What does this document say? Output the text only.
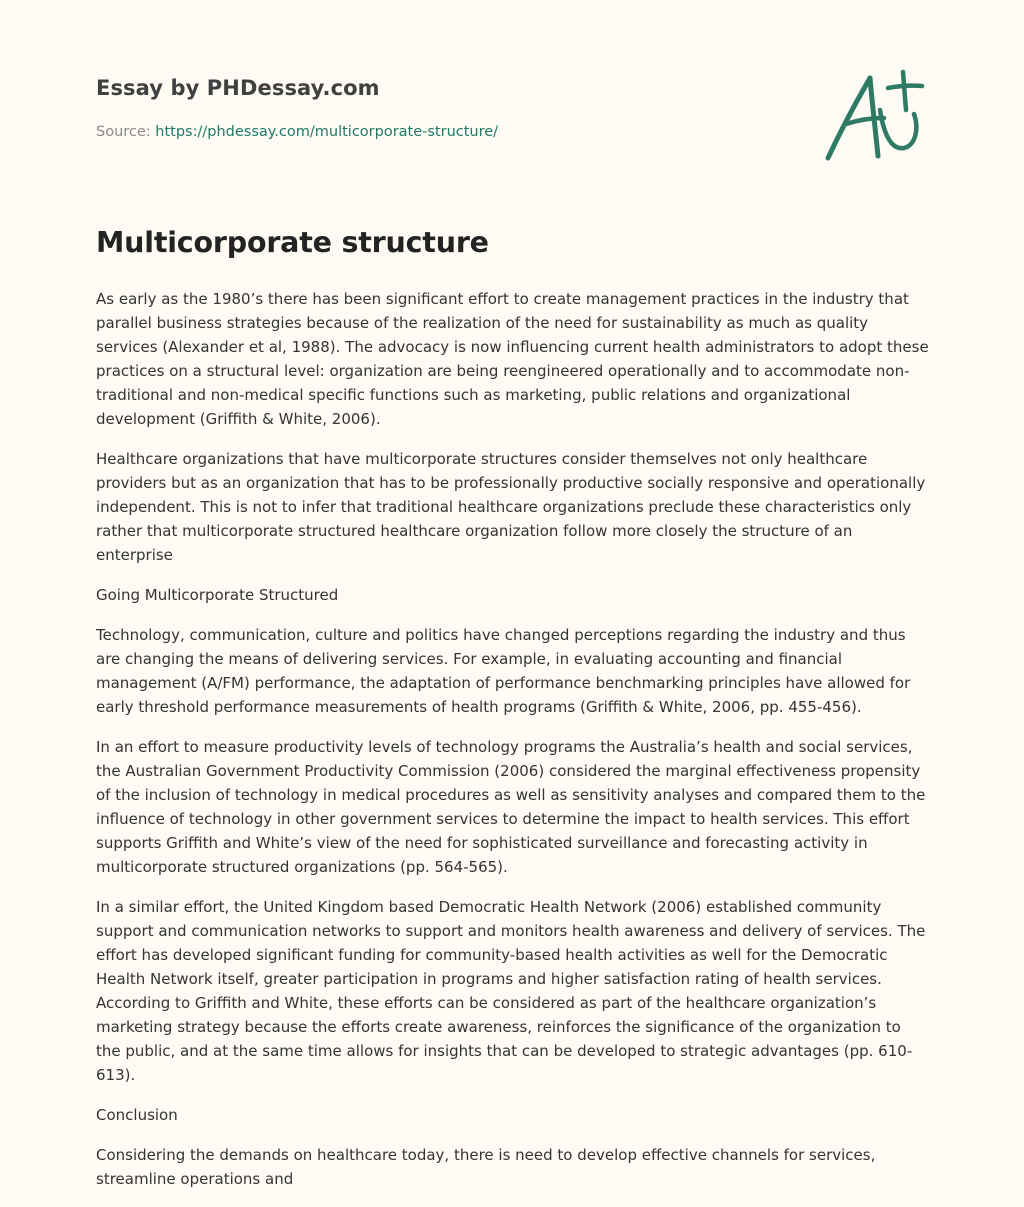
Essay by PHDessay.com
Source: https://phdessay.com/multicorporate-structure/
Multicorporate structure

As early as the 1980’s there has been significant effort to create management practices in the industry that parallel business strategies because of the realization of the need for sustainability as much as quality services (Alexander et al, 1988). The advocacy is now influencing current health administrators to adopt these practices on a structural level: organization are being reengineered operationally and to accommodate non-traditional and non-medical specific functions such as marketing, public relations and organizational development (Griffith & White, 2006).

Healthcare organizations that have multicorporate structures consider themselves not only healthcare providers but as an organization that has to be professionally productive socially responsive and operationally independent. This is not to infer that traditional healthcare organizations preclude these characteristics only rather that multicorporate structured healthcare organization follow more closely the structure of an enterprise

Going Multicorporate Structured

Technology, communication, culture and politics have changed perceptions regarding the industry and thus are changing the means of delivering services. For example, in evaluating accounting and financial management (A/FM) performance, the adaptation of performance benchmarking principles have allowed for early threshold performance measurements of health programs (Griffith & White, 2006, pp. 455-456).

In an effort to measure productivity levels of technology programs the Australia’s health and social services, the Australian Government Productivity Commission (2006) considered the marginal effectiveness propensity of the inclusion of technology in medical procedures as well as sensitivity analyses and compared them to the influence of technology in other government services to determine the impact to health services. This effort supports Griffith and White’s view of the need for sophisticated surveillance and forecasting activity in multicorporate structured organizations (pp. 564-565).

In a similar effort, the United Kingdom based Democratic Health Network (2006) established community support and communication networks to support and monitors health awareness and delivery of services. The effort has developed significant funding for community-based health activities as well for the Democratic Health Network itself, greater participation in programs and higher satisfaction rating of health services. According to Griffith and White, these efforts can be considered as part of the healthcare organization’s marketing strategy because the efforts create awareness, reinforces the significance of the organization to the public, and at the same time allows for insights that can be developed to strategic advantages (pp. 610-613).

Conclusion

Considering the demands on healthcare today, there is need to develop effective channels for services, streamline operations and
